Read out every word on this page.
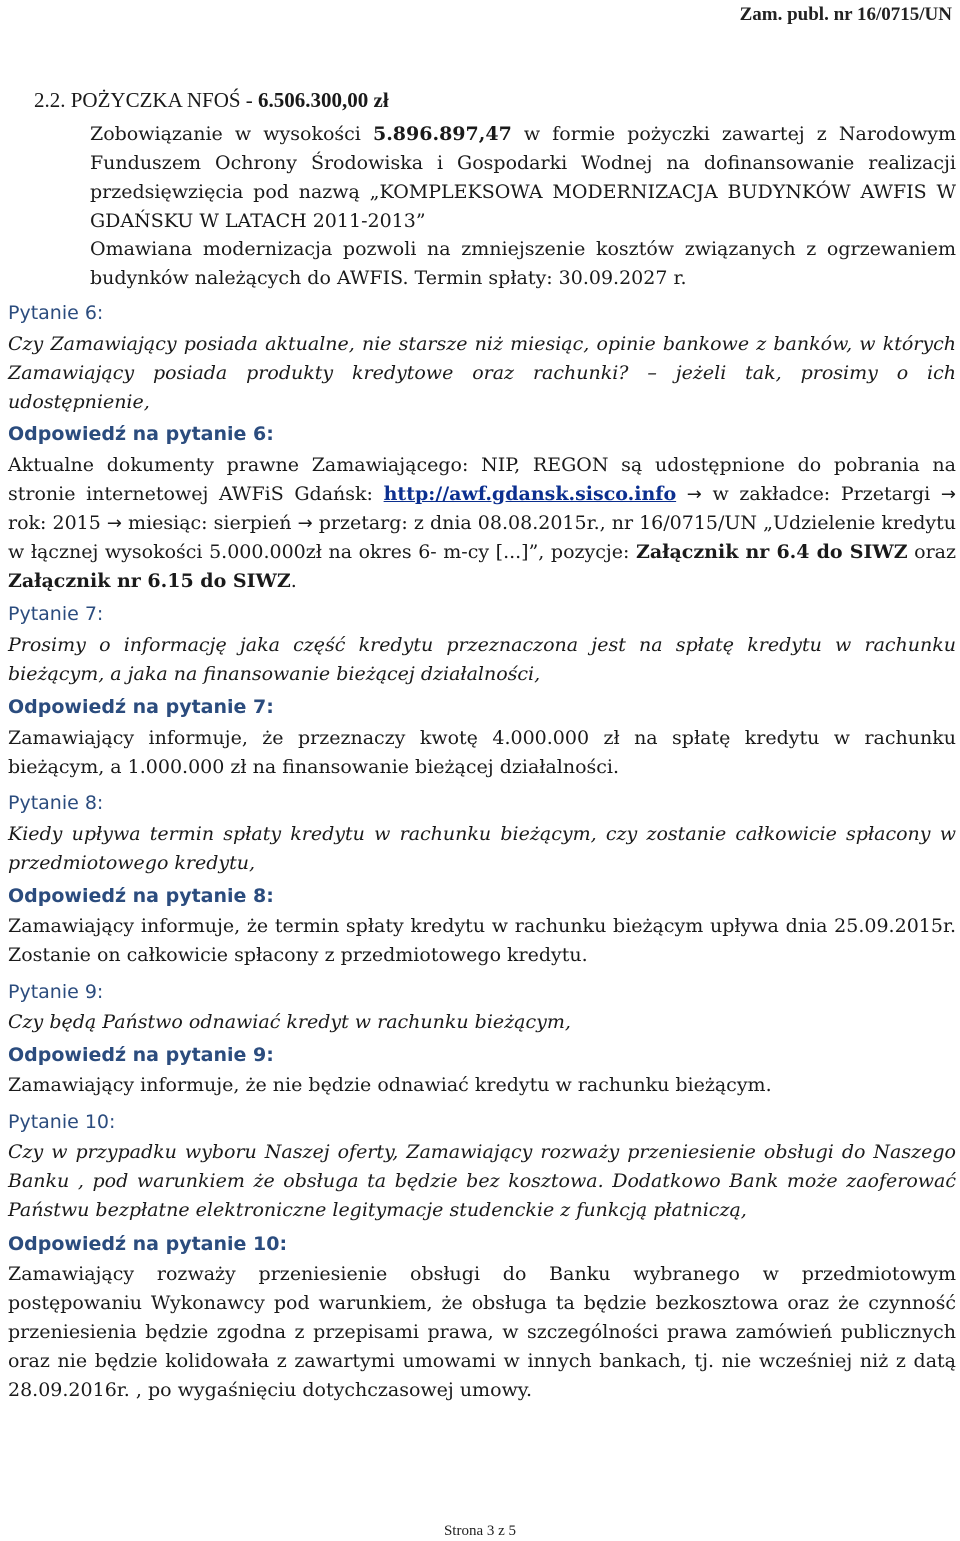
Zam. publ. nr 16/0715/UN
2.2. POŻYCZKA NFOŚ - 6.506.300,00 zł

Zobowiązanie w wysokości 5.896.897,47 w formie pożyczki zawartej z Narodowym Funduszem Ochrony Środowiska i Gospodarki Wodnej na dofinansowanie realizacji przedsięwzięcia pod nazwą „KOMPLEKSOWA MODERNIZACJA BUDYNKÓW AWFIS W GDAŃSKU W LATACH 2011-2013”

Omawiana modernizacja pozwoli na zmniejszenie kosztów związanych z ogrzewaniem budynków należących do AWFIS. Termin spłaty: 30.09.2027 r.

Pytanie 6:

Czy Zamawiający posiada aktualne, nie starsze niż miesiąc, opinie bankowe z banków, w których Zamawiający posiada produkty kredytowe oraz rachunki? – jeżeli tak, prosimy o ich udostępnienie,

Odpowiedź na pytanie 6:

Aktualne dokumenty prawne Zamawiającego: NIP, REGON są udostępnione do pobrania na stronie internetowej AWFiS Gdańsk: http://awf.gdansk.sisco.info → w zakładce: Przetargi → rok: 2015 → miesiąc: sierpień → przetarg: z dnia 08.08.2015r., nr 16/0715/UN „Udzielenie kredytu w łącznej wysokości 5.000.000zł na okres 6- m-cy [...]”, pozycje: Załącznik nr 6.4 do SIWZ oraz Załącznik nr 6.15 do SIWZ.

Pytanie 7:

Prosimy o informację jaka część kredytu przeznaczona jest na spłatę kredytu w rachunku bieżącym, a jaka na finansowanie bieżącej działalności,

Odpowiedź na pytanie 7:

Zamawiający informuje, że przeznaczy kwotę 4.000.000 zł na spłatę kredytu w rachunku bieżącym, a 1.000.000 zł na finansowanie bieżącej działalności.

Pytanie 8:

Kiedy upływa termin spłaty kredytu w rachunku bieżącym, czy zostanie całkowicie spłacony w przedmiotowego kredytu,

Odpowiedź na pytanie 8:

Zamawiający informuje, że termin spłaty kredytu w rachunku bieżącym upływa dnia 25.09.2015r. Zostanie on całkowicie spłacony z przedmiotowego kredytu.

Pytanie 9:

Czy będą Państwo odnawiać kredyt w rachunku bieżącym,

Odpowiedź na pytanie 9:

Zamawiający informuje, że nie będzie odnawiać kredytu w rachunku bieżącym.

Pytanie 10:

Czy w przypadku wyboru Naszej oferty, Zamawiający rozważy przeniesienie obsługi do Naszego Banku , pod warunkiem że obsługa ta będzie bez kosztowa. Dodatkowo Bank może zaoferować Państwu bezpłatne elektroniczne legitymacje studenckie z funkcją płatniczą,

Odpowiedź na pytanie 10:

Zamawiający rozważy przeniesienie obsługi do Banku wybranego w przedmiotowym postępowaniu Wykonawcy pod warunkiem, że obsługa ta będzie bezkosztowa oraz że czynność przeniesienia będzie zgodna z przepisami prawa, w szczególności prawa zamówień publicznych oraz nie będzie kolidowała z zawartymi umowami w innych bankach, tj. nie wcześniej niż z datą 28.09.2016r. , po wygaśnięciu dotychczasowej umowy.

Strona 3 z 5
